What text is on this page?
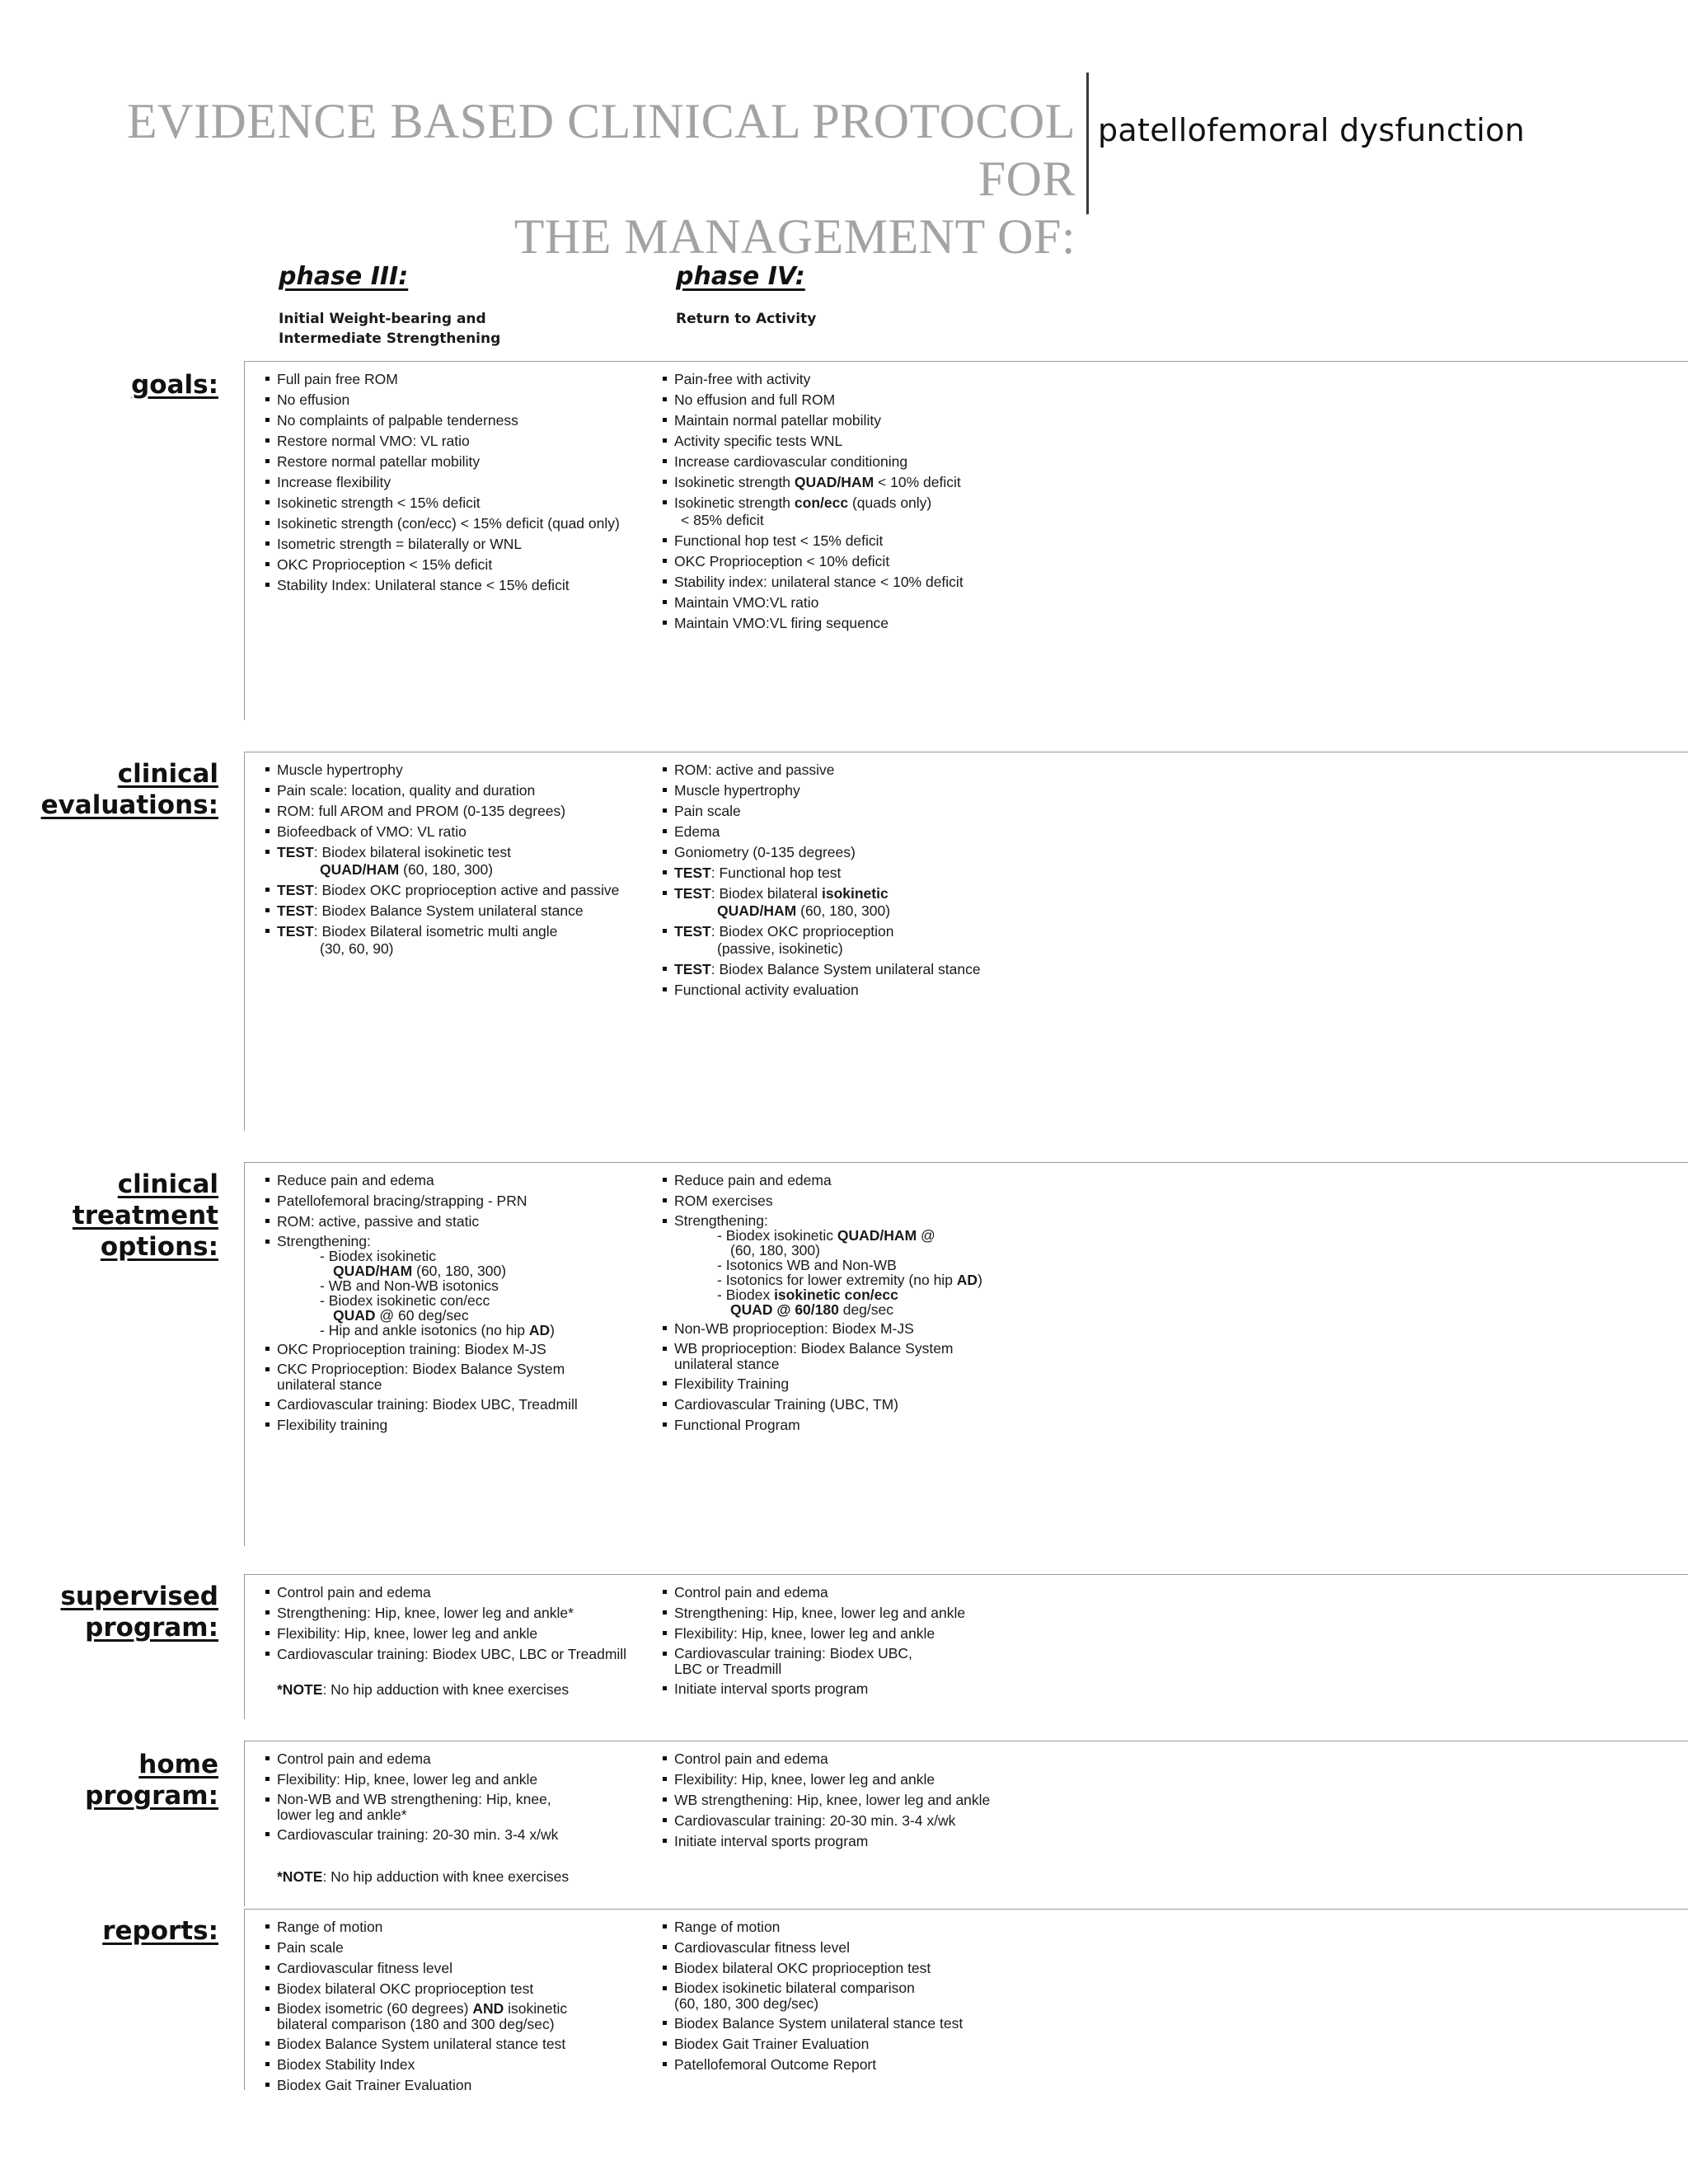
EVIDENCE BASED CLINICAL PROTOCOL FOR
THE MANAGEMENT OF:
patellofemoral dysfunction
phase III:
Initial Weight-bearing and
Intermediate Strengthening
phase IV:
Return to Activity
goals:	Full pain free ROM
No effusion
No complaints of palpable tenderness
Restore normal VMO: VL ratio
Restore normal patellar mobility
Increase flexibility
Isokinetic strength < 15% deficit
Isokinetic strength (con/ecc) < 15% deficit (quad only)
Isometric strength = bilaterally or WNL
OKC Proprioception < 15% deficit
Stability Index: Unilateral stance < 15% deficit
Pain-free with activity
No effusion and full ROM
Maintain normal patellar mobility
Activity specific tests WNL
Increase cardiovascular conditioning
Isokinetic strength QUAD/HAM < 10% deficit
Isokinetic strength con/ecc (quads only)
< 85% deficit
Functional hop test < 15% deficit
OKC Proprioception < 10% deficit
Stability index: unilateral stance < 10% deficit
Maintain VMO:VL ratio
Maintain VMO:VL firing sequence
clinical
evaluations:
Muscle hypertrophy
Pain scale: location, quality and duration
ROM: full AROM and PROM (0-135 degrees)
Biofeedback of VMO: VL ratio
TEST: Biodex bilateral isokinetic test
QUAD/HAM (60, 180, 300)
TEST: Biodex OKC proprioception active and passive
TEST: Biodex Balance System unilateral stance
TEST: Biodex Bilateral isometric multi angle
(30, 60, 90)
ROM: active and passive
Muscle hypertrophy
Pain scale
Edema
Goniometry (0-135 degrees)
TEST: Functional hop test
TEST: Biodex bilateral isokinetic
QUAD/HAM (60, 180, 300)
TEST: Biodex OKC proprioception
(passive, isokinetic)
TEST: Biodex Balance System unilateral stance
Functional activity evaluation
clinical
treatment
options:
Reduce pain and edema
Patellofemoral bracing/strapping - PRN
ROM: active, passive and static
Strengthening:
- Biodex isokinetic
QUAD/HAM (60, 180, 300)
- WB and Non-WB isotonics
- Biodex isokinetic con/ecc
QUAD @ 60 deg/sec
- Hip and ankle isotonics (no hip AD)
OKC Proprioception training: Biodex M-JS
CKC Proprioception: Biodex Balance System
unilateral stance
Cardiovascular training: Biodex UBC, Treadmill
Flexibility training
Reduce pain and edema
ROM exercises
Strengthening:
- Biodex isokinetic QUAD/HAM @
(60, 180, 300)
- Isotonics WB and Non-WB
- Isotonics for lower extremity (no hip AD)
- Biodex isokinetic con/ecc
QUAD @ 60/180 deg/sec
Non-WB proprioception: Biodex M-JS
WB proprioception: Biodex Balance System
unilateral stance
Flexibility Training
Cardiovascular Training (UBC, TM)
Functional Program
supervised
program:
Control pain and edema
Strengthening: Hip, knee, lower leg and ankle*
Flexibility: Hip, knee, lower leg and ankle
Cardiovascular training: Biodex UBC, LBC or Treadmill
*NOTE: No hip adduction with knee exercises
Control pain and edema
Strengthening: Hip, knee, lower leg and ankle
Flexibility: Hip, knee, lower leg and ankle
Cardiovascular training: Biodex UBC,
LBC or Treadmill
Initiate interval sports program
home
program:
Control pain and edema
Flexibility: Hip, knee, lower leg and ankle
Non-WB and WB strengthening: Hip, knee,
lower leg and ankle*
Cardiovascular training: 20-30 min. 3-4 x/wk
*NOTE: No hip adduction with knee exercises
Control pain and edema
Flexibility: Hip, knee, lower leg and ankle
WB strengthening: Hip, knee, lower leg and ankle
Cardiovascular training: 20-30 min. 3-4 x/wk
Initiate interval sports program
reports:	Range of motion
Pain scale
Cardiovascular fitness level
Biodex bilateral OKC proprioception test
Biodex isometric (60 degrees) AND isokinetic
bilateral comparison (180 and 300 deg/sec)
Biodex Balance System unilateral stance test
Biodex Stability Index
Biodex Gait Trainer Evaluation
Range of motion
Cardiovascular fitness level
Biodex bilateral OKC proprioception test
Biodex isokinetic bilateral comparison
(60, 180, 300 deg/sec)
Biodex Balance System unilateral stance test
Biodex Gait Trainer Evaluation
Patellofemoral Outcome Report
